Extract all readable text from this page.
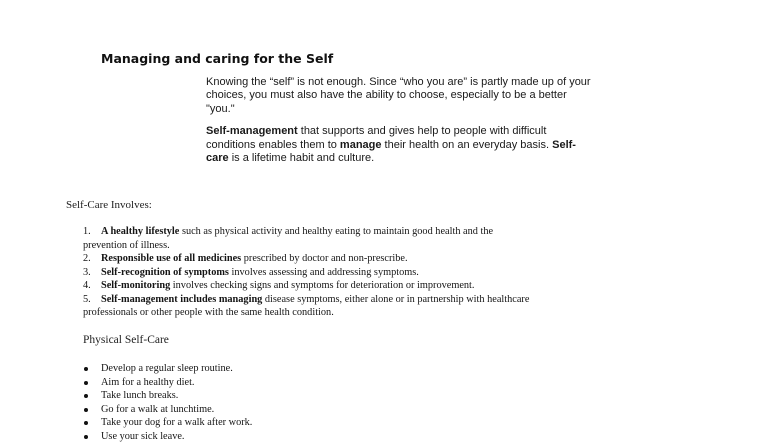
Managing and caring for the Self

Knowing the “self” is not enough. Since “who you are” is partly made up of your choices, you must also have the ability to choose, especially to be a better "you."

Self-management that supports and gives help to people with difficult conditions enables them to manage their health on an everyday basis. Self-care is a lifetime habit and culture.

Self-Care Involves:
1. A healthy lifestyle such as physical activity and healthy eating to maintain good health and the
prevention of illness.
2. Responsible use of all medicines prescribed by doctor and non-prescribe.
3. Self-recognition of symptoms involves assessing and addressing symptoms.
4. Self-monitoring involves checking signs and symptoms for deterioration or improvement.
5. Self-management includes managing disease symptoms, either alone or in partnership with healthcare
professionals or other people with the same health condition.
Physical Self-Care
Develop a regular sleep routine.
Aim for a healthy diet.
Take lunch breaks.
Go for a walk at lunchtime.
Take your dog for a walk after work.
Use your sick leave.
